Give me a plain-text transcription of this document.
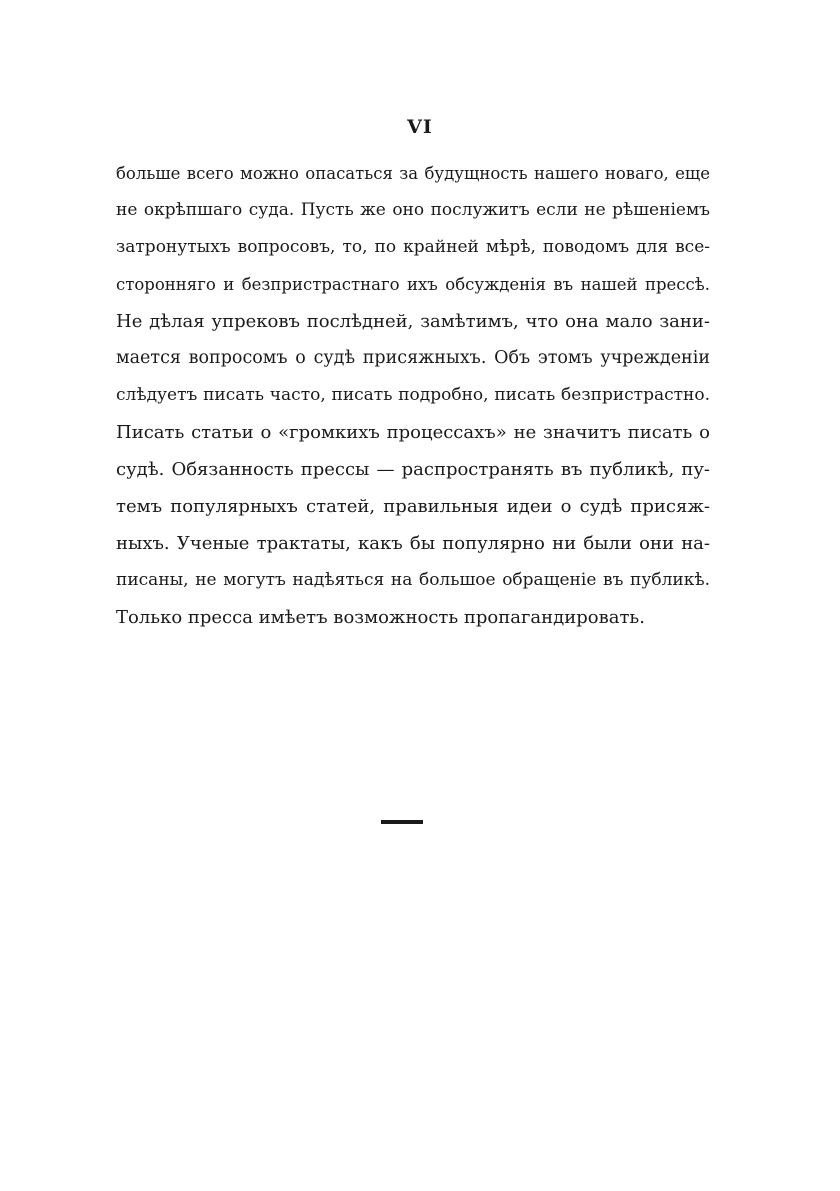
VI
больше всего можно опасаться за будущность нашего новаго, еще
не окрѣпшаго суда. Пусть же оно послужитъ если не рѣшеніемъ
затронутыхъ вопросовъ, то, по крайней мѣрѣ, поводомъ для все-
сторонняго и безпристрастнаго ихъ обсужденія въ нашей прессѣ.
Не дѣлая упрековъ послѣдней, замѣтимъ, что она мало зани-
мается вопросомъ о судѣ присяжныхъ. Объ этомъ учрежденіи
слѣдуетъ писать часто, писать подробно, писать безпристрастно.
Писать статьи о «громкихъ процессахъ» не значитъ писать о
судѣ. Обязанность прессы — распространять въ публикѣ, пу-
темъ популярныхъ статей, правильныя идеи о судѣ присяж-
ныхъ. Ученые трактаты, какъ бы популярно ни были они на-
писаны, не могутъ надѣяться на большое обращеніе въ публикѣ.
Только пресса имѣетъ возможность пропагандировать.
